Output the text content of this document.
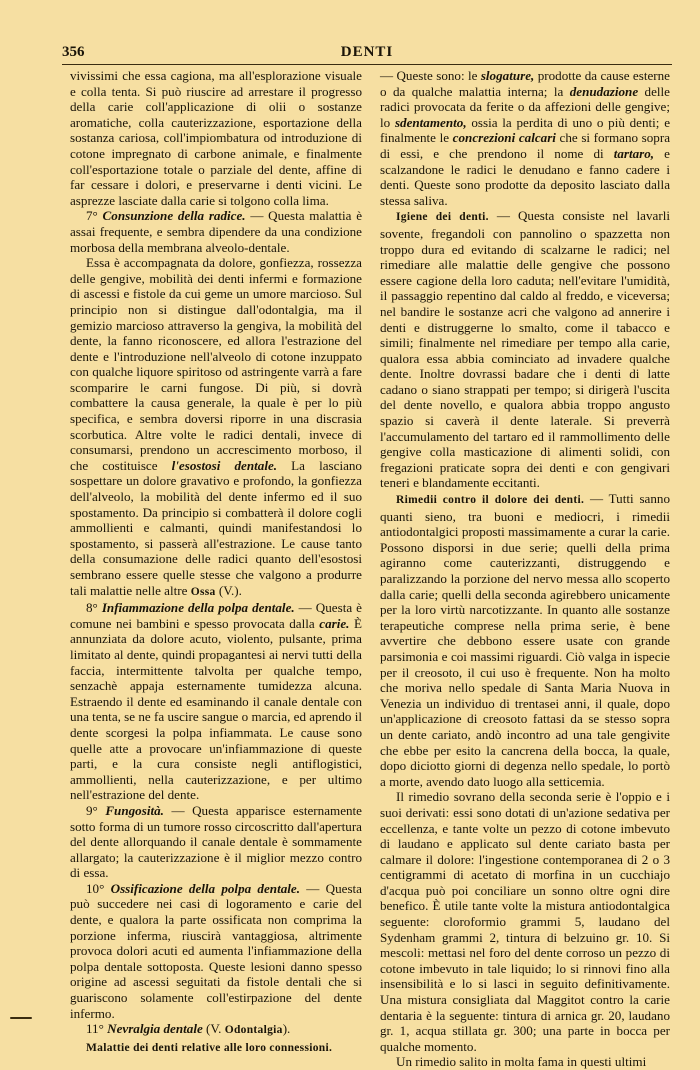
356	DENTI

vivissimi che essa cagiona, ma all'esplorazione visuale e colla tenta. Si può riuscire ad arrestare il progresso della carie coll'applicazione di olii o sostanze aromatiche, colla cauterizzazione, esportazione della sostanza cariosa, coll'impiombatura od introduzione di cotone impregnato di carbone animale, e finalmente coll'esportazione totale o parziale del dente, affine di far cessare i dolori, e preservarne i denti vicini. Le asprezze lasciate dalla carie si tolgono colla lima.

7° Consunzione della radice. — Questa malattia è assai frequente, e sembra dipendere da una condizione morbosa della membrana alveolo-dentale.

Essa è accompagnata da dolore, gonfiezza, rossezza delle gengive, mobilità dei denti infermi e formazione di ascessi e fistole da cui geme un umore marcioso. Sul principio non si distingue dall'odontalgia, ma il gemizio marcioso attraverso la gengiva, la mobilità del dente, la fanno riconoscere, ed allora l'estrazione del dente e l'introduzione nell'alveolo di cotone inzuppato con qualche liquore spiritoso od astringente varrà a fare scomparire le carni fungose. Di più, si dovrà combattere la causa generale, la quale è per lo più specifica, e sembra doversi riporre in una discrasia scorbutica. Altre volte le radici dentali, invece di consumarsi, prendono un accrescimento morboso, il che costituisce l'esostosi dentale. La lasciano sospettare un dolore gravativo e profondo, la gonfiezza dell'alveolo, la mobilità del dente infermo ed il suo spostamento. Da principio si combatterà il dolore cogli ammollienti e calmanti, quindi manifestandosi lo spostamento, si passerà all'estrazione. Le cause tanto della consumazione delle radici quanto dell'esostosi sembrano essere quelle stesse che valgono a produrre tali malattie nelle altre Ossa (V.).

8° Infiammazione della polpa dentale. — Questa è comune nei bambini e spesso provocata dalla carie. È annunziata da dolore acuto, violento, pulsante, prima limitato al dente, quindi propagantesi ai nervi tutti della faccia, intermittente talvolta per qualche tempo, senzachè appaja esternamente tumidezza alcuna. Estraendo il dente ed esaminando il canale dentale con una tenta, se ne fa uscire sangue o marcia, ed aprendo il dente scorgesi la polpa infiammata. Le cause sono quelle atte a provocare un'infiammazione di queste parti, e la cura consiste negli antiflogistici, ammollienti, nella cauterizzazione, e per ultimo nell'estrazione del dente.

9° Fungosità. — Questa apparisce esternamente sotto forma di un tumore rosso circoscritto dall'apertura del dente allorquando il canale dentale è sommamente allargato; la cauterizzazione è il miglior mezzo contro di essa.

10° Ossificazione della polpa dentale. — Questa può succedere nei casi di logoramento e carie del dente, e qualora la parte ossificata non comprima la porzione inferma, riuscirà vantaggiosa, altrimente provoca dolori acuti ed aumenta l'infiammazione della polpa dentale sottoposta. Queste lesioni danno spesso origine ad ascessi seguitati da fistole dentali che si guariscono solamente coll'estirpazione del dente infermo.

11° Nevralgia dentale (V. Odontalgia).

Malattie dei denti relative alle loro connessioni.

— Queste sono: le slogature, prodotte da cause esterne o da qualche malattia interna; la denudazione delle radici provocata da ferite o da affezioni delle gengive; lo sdentamento, ossia la perdita di uno o più denti; e finalmente le concrezioni calcari che si formano sopra di essi, e che prendono il nome di tartaro, e scalzandone le radici le denudano e fanno cadere i denti. Queste sono prodotte da deposito lasciato dalla stessa saliva.

Igiene dei denti. — Questa consiste nel lavarli sovente, fregandoli con pannolino o spazzetta non troppo dura ed evitando di scalzarne le radici; nel rimediare alle malattie delle gengive che possono essere cagione della loro caduta; nell'evitare l'umidità, il passaggio repentino dal caldo al freddo, e viceversa; nel bandire le sostanze acri che valgono ad annerire i denti e distruggerne lo smalto, come il tabacco e simili; finalmente nel rimediare per tempo alla carie, qualora essa abbia cominciato ad invadere qualche dente. Inoltre dovrassi badare che i denti di latte cadano o siano strappati per tempo; si dirigerà l'uscita del dente novello, e qualora abbia troppo angusto spazio si caverà il dente laterale. Si preverrà l'accumulamento del tartaro ed il rammollimento delle gengive colla masticazione di alimenti solidi, con fregazioni praticate sopra dei denti e con gengivari teneri e blandamente eccitanti.

Rimedii contro il dolore dei denti. — Tutti sanno quanti sieno, tra buoni e mediocri, i rimedii antiodontalgici proposti massimamente a curar la carie. Possono disporsi in due serie; quelli della prima agiranno come cauterizzanti, distruggendo e paralizzando la porzione del nervo messa allo scoperto dalla carie; quelli della seconda agirebbero unicamente per la loro virtù narcotizzante. In quanto alle sostanze terapeutiche comprese nella prima serie, è bene avvertire che debbono essere usate con grande parsimonia e coi massimi riguardi. Ciò valga in ispecie per il creosoto, il cui uso è frequente. Non ha molto che moriva nello spedale di Santa Maria Nuova in Venezia un individuo di trentasei anni, il quale, dopo un'applicazione di creosoto fattasi da se stesso sopra un dente cariato, andò incontro ad una tale gengivite che ebbe per esito la cancrena della bocca, la quale, dopo diciotto giorni di degenza nello spedale, lo portò a morte, avendo dato luogo alla setticemia.

Il rimedio sovrano della seconda serie è l'oppio e i suoi derivati: essi sono dotati di un'azione sedativa per eccellenza, e tante volte un pezzo di cotone imbevuto di laudano e applicato sul dente cariato basta per calmare il dolore: l'ingestione contemporanea di 2 o 3 centigrammi di acetato di morfina in un cucchiajo d'acqua può poi conciliare un sonno oltre ogni dire benefico. È utile tante volte la mistura antiodontalgica seguente: cloroformio grammi 5, laudano del Sydenham grammi 2, tintura di belzuino gr. 10. Si mescoli: mettasi nel foro del dente corroso un pezzo di cotone imbevuto in tale liquido; lo si rinnovi fino alla insensibilità e lo si lasci in seguito definitivamente. Una mistura consigliata dal Maggitot contro la carie dentaria è la seguente: tintura di arnica gr. 20, laudano gr. 1, acqua stillata gr. 300; una parte in bocca per qualche momento.

Un rimedio salito in molta fama in questi ultimi
